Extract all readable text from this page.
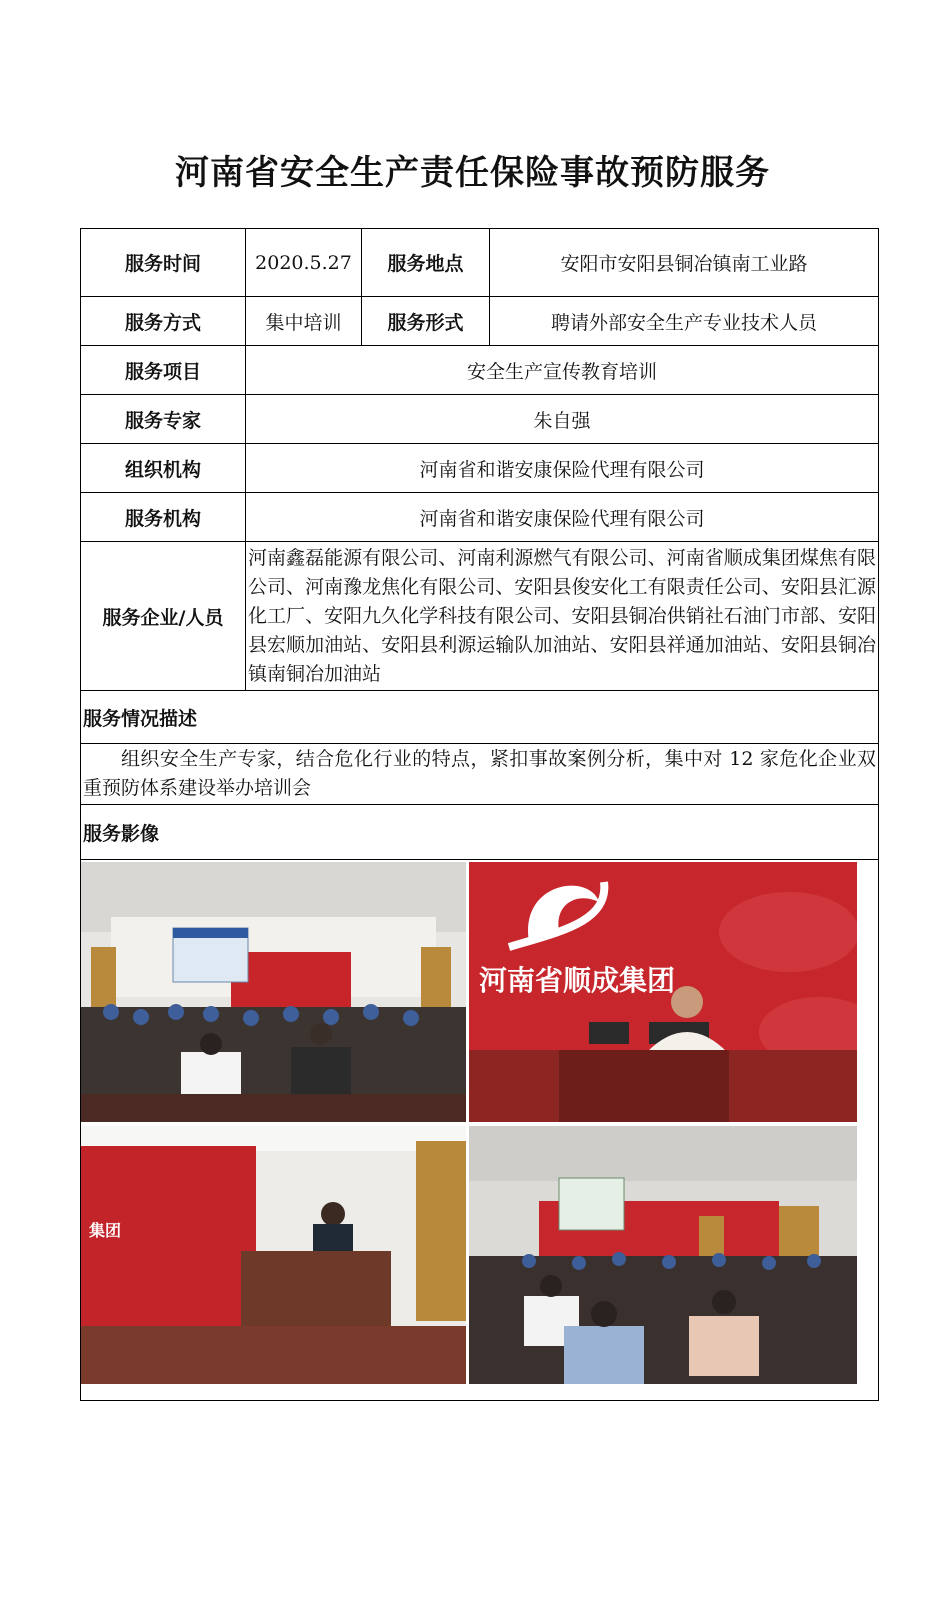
河南省安全生产责任保险事故预防服务
服务时间	2020.5.27	服务地点	安阳市安阳县铜冶镇南工业路
服务方式	集中培训	服务形式	聘请外部安全生产专业技术人员
服务项目	安全生产宣传教育培训		
服务专家	朱自强		
组织机构	河南省和谐安康保险代理有限公司		
服务机构	河南省和谐安康保险代理有限公司		
服务企业/人员	河南鑫磊能源有限公司、河南利源燃气有限公司、河南省顺成集团煤焦有限公司、河南豫龙焦化有限公司、安阳县俊安化工有限责任公司、安阳县汇源化工厂、安阳九久化学科技有限公司、安阳县铜冶供销社石油门市部、安阳县宏顺加油站、安阳县利源运输队加油站、安阳县祥通加油站、安阳县铜冶镇南铜冶加油站		
服务情况描述			
组织安全生产专家，结合危化行业的特点，紧扣事故案例分析，集中对 12 家危化企业双重预防体系建设举办培训会			
服务影像			

河南省顺成集团
集团			
